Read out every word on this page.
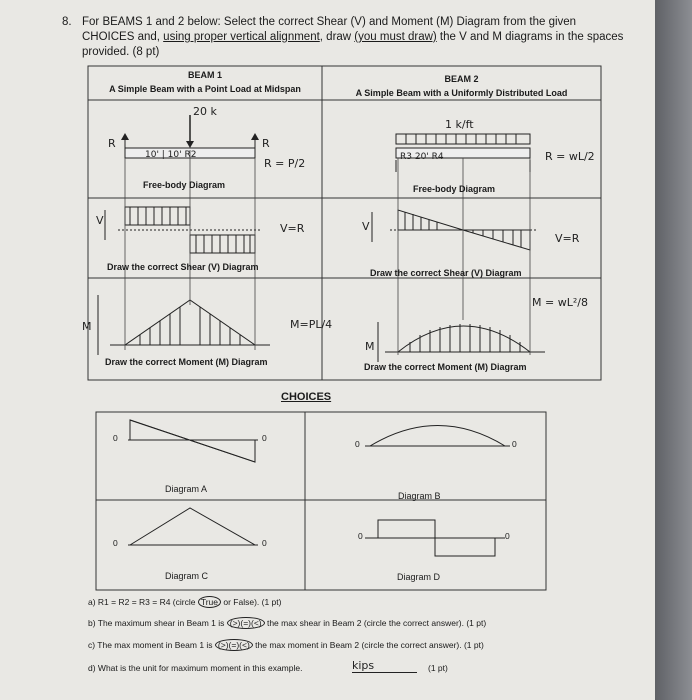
8. For BEAMS 1 and 2 below: Select the correct Shear (V) and Moment (M) Diagram from the given
CHOICES and, using proper vertical alignment, draw (you must draw) the V and M diagrams in the spaces
provided. (8 pt)
BEAM 1
A Simple Beam with a Point Load at Midspan
BEAM 2
A Simple Beam with a Uniformly Distributed Load
20 k
R
10' | 10' R2
R
R = P/2
Free-body Diagram
V
V=R
Draw the correct Shear (V) Diagram
M	M=PL/4
Draw the correct Moment (M) Diagram
1 k/ft
R3 20' R4	R = wL/2
Free-body Diagram
V
V=R
Draw the correct Shear (V) Diagram
M
M = wL²/8
Draw the correct Moment (M) Diagram
CHOICES
0	0
Diagram A
0	0
Diagram B
0	0
Diagram C
0	0
Diagram D
a) R1 = R2 = R3 = R4 (circle True or False). (1 pt)
b) The maximum shear in Beam 1 is (>)(=)(<) the max shear in Beam 2 (circle the correct answer). (1 pt)
c) The max moment in Beam 1 is (>)(=)(<) the max moment in Beam 2 (circle the correct answer). (1 pt)
d) What is the unit for maximum moment in this example.	kips	(1 pt)
